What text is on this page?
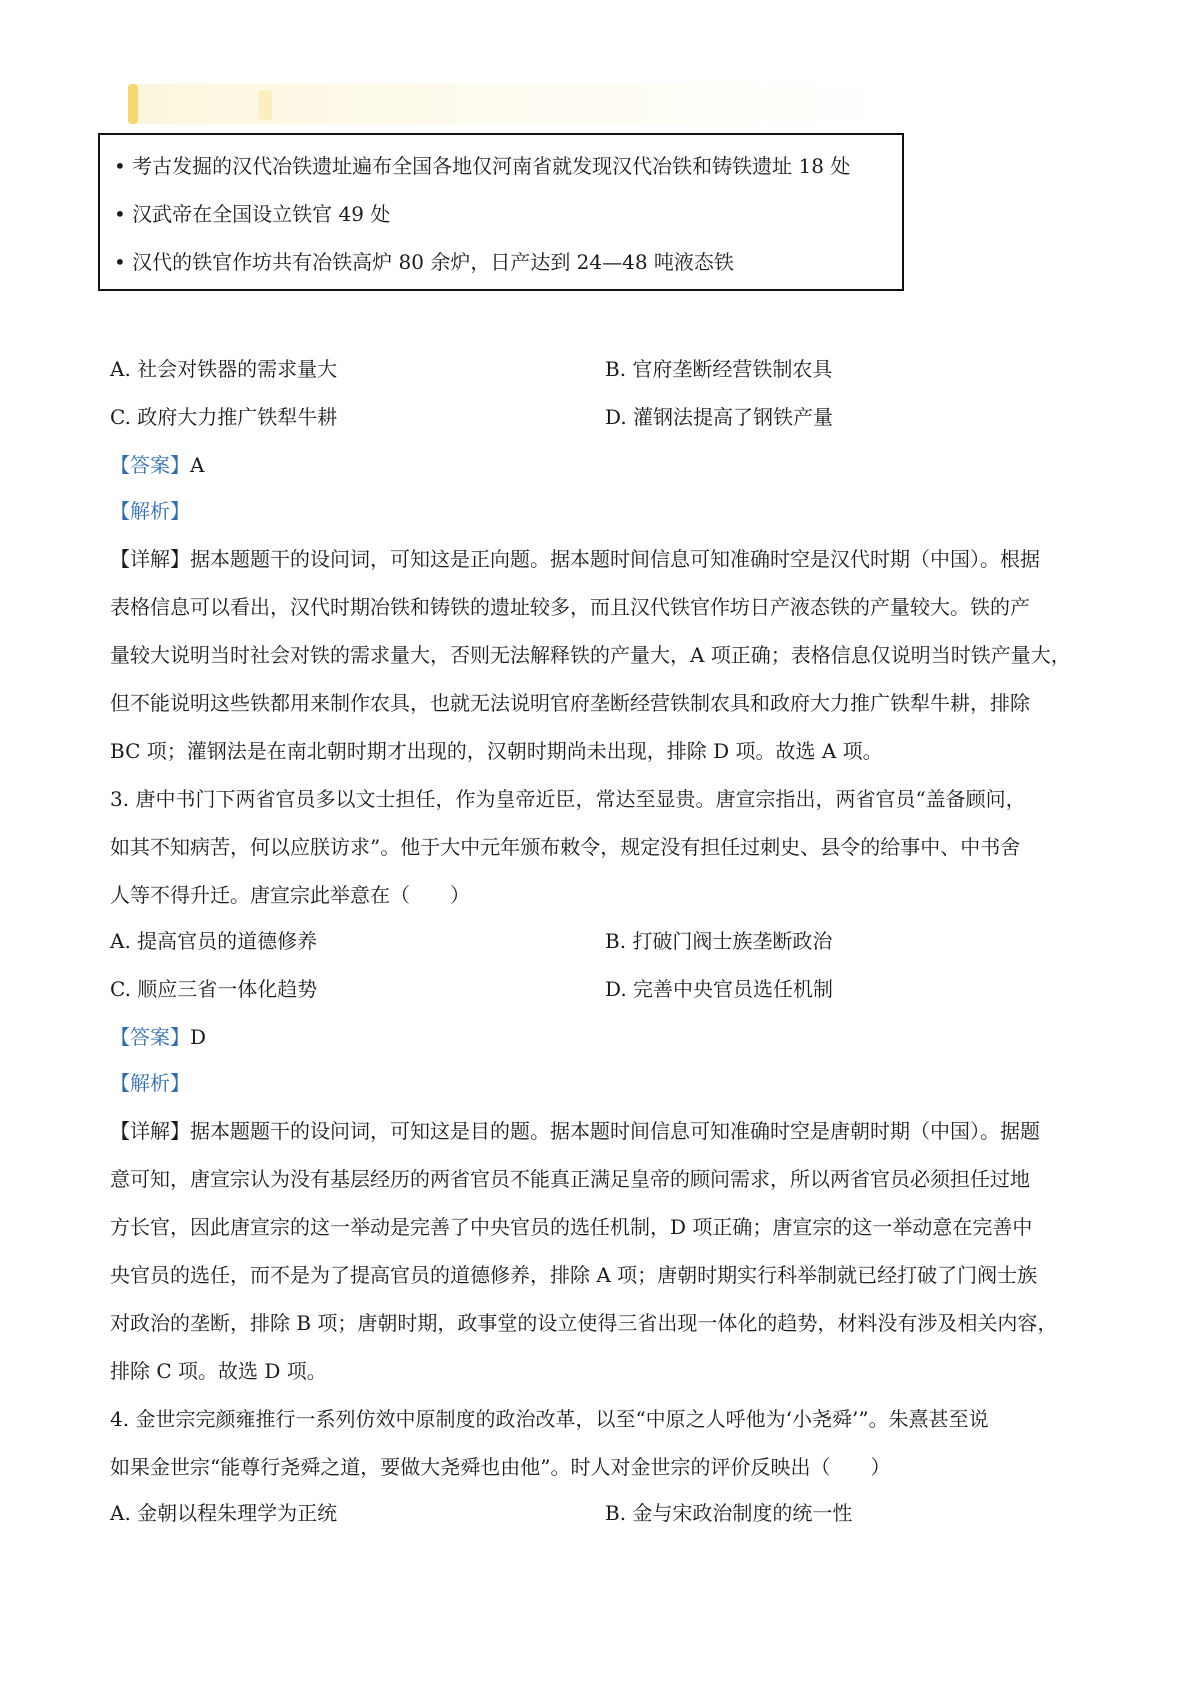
• 考古发掘的汉代冶铁遗址遍布全国各地仅河南省就发现汉代冶铁和铸铁遗址 18 处
• 汉武帝在全国设立铁官 49 处
• 汉代的铁官作坊共有冶铁高炉 80 余炉，日产达到 24—48 吨液态铁
A. 社会对铁器的需求量大	B. 官府垄断经营铁制农具
C. 政府大力推广铁犁牛耕	D. 灌钢法提高了钢铁产量
【答案】A
【解析】
【详解】据本题题干的设问词，可知这是正向题。据本题时间信息可知准确时空是汉代时期（中国）。根据
表格信息可以看出，汉代时期冶铁和铸铁的遗址较多，而且汉代铁官作坊日产液态铁的产量较大。铁的产
量较大说明当时社会对铁的需求量大，否则无法解释铁的产量大，A 项正确；表格信息仅说明当时铁产量大，
但不能说明这些铁都用来制作农具，也就无法说明官府垄断经营铁制农具和政府大力推广铁犁牛耕，排除
BC 项；灌钢法是在南北朝时期才出现的，汉朝时期尚未出现，排除 D 项。故选 A 项。
3. 唐中书门下两省官员多以文士担任，作为皇帝近臣，常达至显贵。唐宣宗指出，两省官员“盖备顾问，
如其不知病苦，何以应朕访求”。他于大中元年颁布敕令，规定没有担任过刺史、县令的给事中、中书舍
人等不得升迁。唐宣宗此举意在（　　）
A. 提高官员的道德修养	B. 打破门阀士族垄断政治
C. 顺应三省一体化趋势	D. 完善中央官员选任机制
【答案】D
【解析】
【详解】据本题题干的设问词，可知这是目的题。据本题时间信息可知准确时空是唐朝时期（中国）。据题
意可知，唐宣宗认为没有基层经历的两省官员不能真正满足皇帝的顾问需求，所以两省官员必须担任过地
方长官，因此唐宣宗的这一举动是完善了中央官员的选任机制，D 项正确；唐宣宗的这一举动意在完善中
央官员的选任，而不是为了提高官员的道德修养，排除 A 项；唐朝时期实行科举制就已经打破了门阀士族
对政治的垄断，排除 B 项；唐朝时期，政事堂的设立使得三省出现一体化的趋势，材料没有涉及相关内容，
排除 C 项。故选 D 项。
4. 金世宗完颜雍推行一系列仿效中原制度的政治改革，以至“中原之人呼他为‘小尧舜’”。朱熹甚至说
如果金世宗“能尊行尧舜之道，要做大尧舜也由他”。时人对金世宗的评价反映出（　　）
A. 金朝以程朱理学为正统	B. 金与宋政治制度的统一性
